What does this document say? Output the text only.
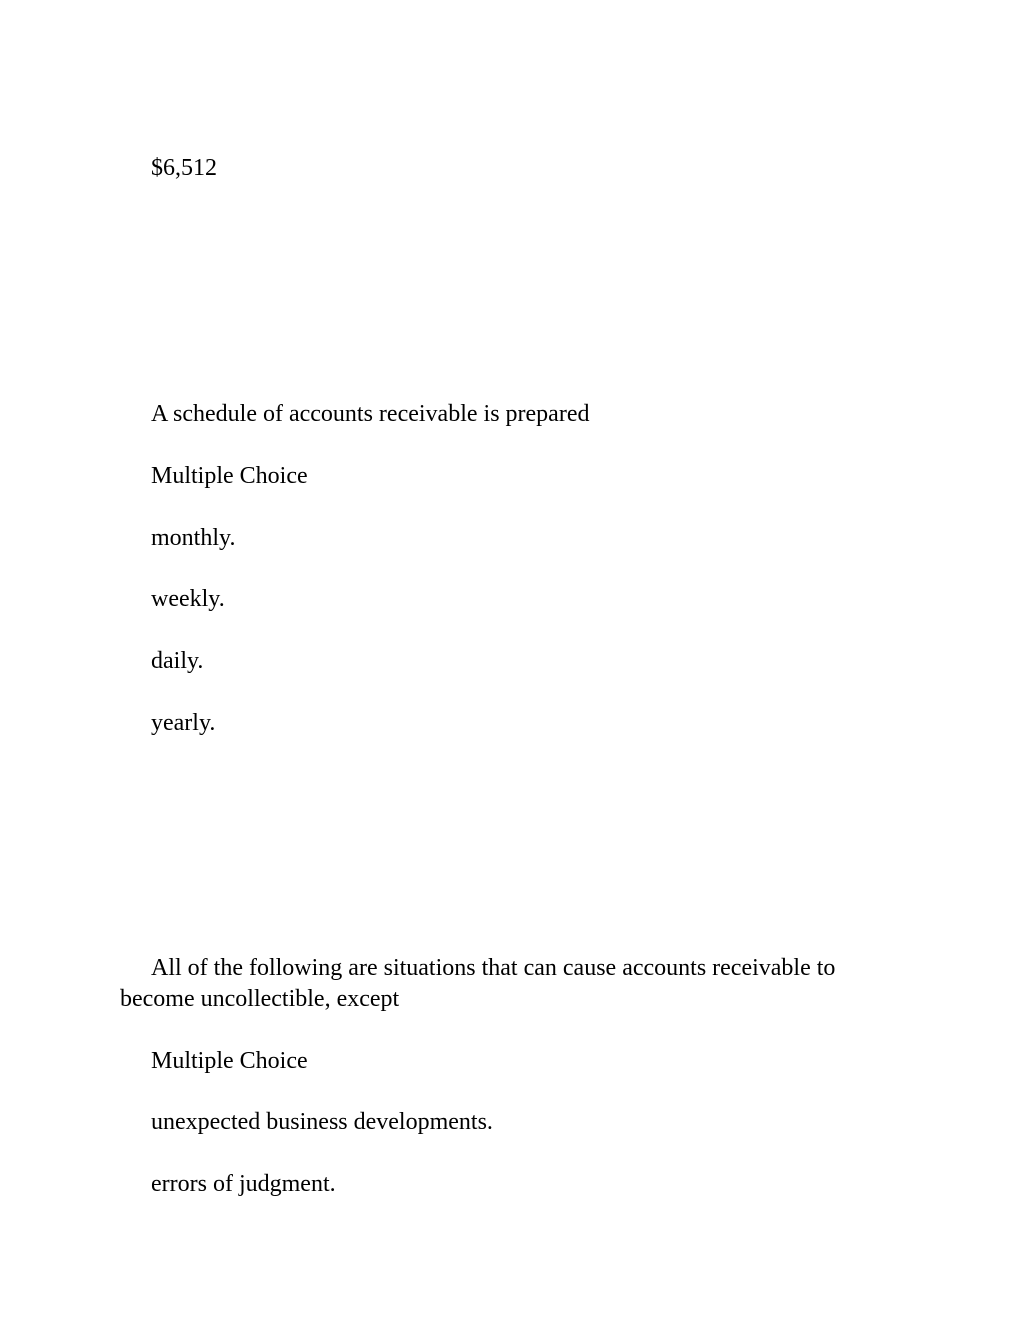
$6,512

A schedule of accounts receivable is prepared

Multiple Choice

monthly.

weekly.

daily.

yearly.

All of the following are situations that can cause accounts receivable to become uncollectible, except

Multiple Choice

unexpected business developments.

errors of judgment.
